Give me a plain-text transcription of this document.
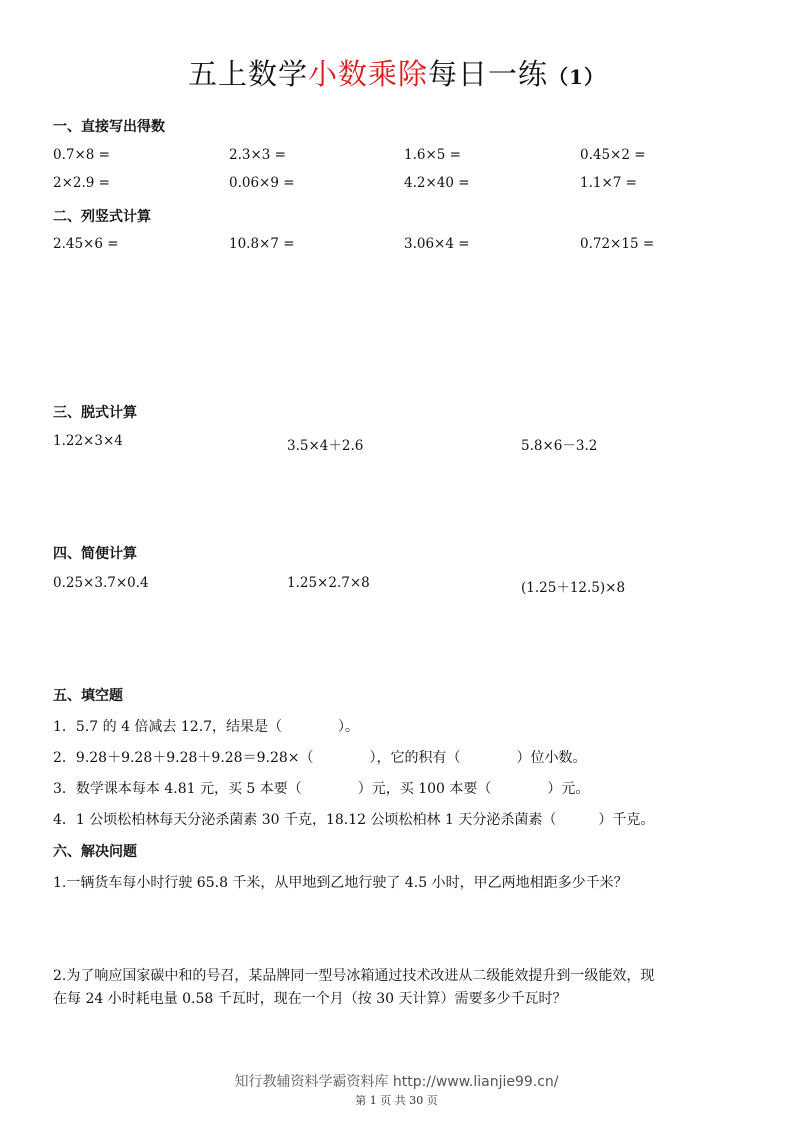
五上数学小数乘除每日一练（1）
一、直接写出得数
0.7×8 =	2.3×3 =	1.6×5 =	0.45×2 =
2×2.9 =	0.06×9 =	4.2×40 =	1.1×7 =
二、列竖式计算
2.45×6 =	10.8×7 =	3.06×4 =	0.72×15 =
三、脱式计算
1.22×3×4	3.5×4＋2.6	5.8×6－3.2
四、简便计算
0.25×3.7×0.4	1.25×2.7×8	(1.25＋12.5)×8
五、填空题
1．5.7 的 4 倍减去 12.7，结果是（　　　　）。
2．9.28＋9.28＋9.28＋9.28＝9.28×（　　　　），它的积有（　　　　）位小数。
3．数学课本每本 4.81 元，买 5 本要（　　　　）元，买 100 本要（　　　　）元。
4．1 公顷松柏林每天分泌杀菌素 30 千克，18.12 公顷松柏林 1 天分泌杀菌素（　　　）千克。
六、解决问题
1.一辆货车每小时行驶 65.8 千米，从甲地到乙地行驶了 4.5 小时，甲乙两地相距多少千米？
2.为了响应国家碳中和的号召，某品牌同一型号冰箱通过技术改进从二级能效提升到一级能效，现
在每 24 小时耗电量 0.58 千瓦时，现在一个月（按 30 天计算）需要多少千瓦时？
知行教辅资料学霸资料库 http://www.lianjie99.cn/
第 1 页 共 30 页
